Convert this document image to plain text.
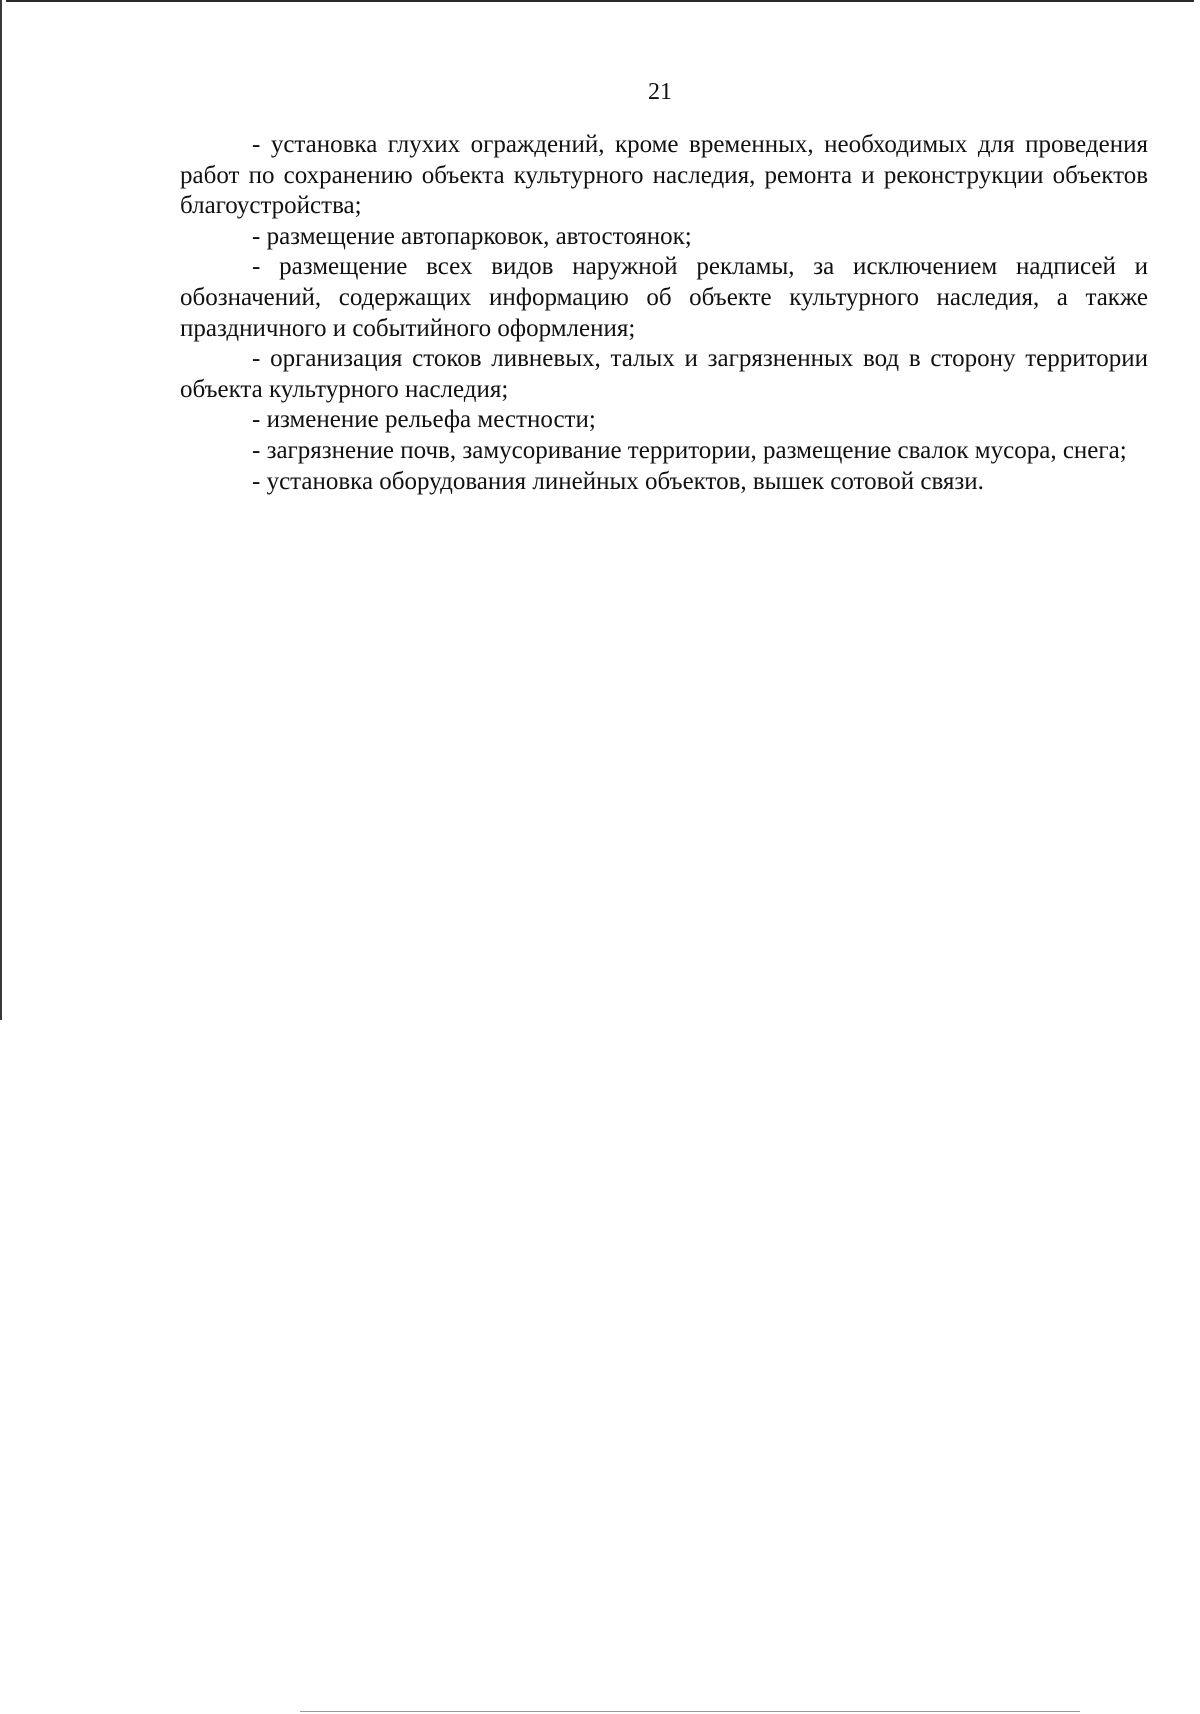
21

- установка глухих ограждений, кроме временных, необходимых для проведения работ по сохранению объекта культурного наследия, ремонта и реконструкции объектов благоустройства;

- размещение автопарковок, автостоянок;

- размещение всех видов наружной рекламы, за исключением надписей и обозначений, содержащих информацию об объекте культурного наследия, а также праздничного и событийного оформления;

- организация стоков ливневых, талых и загрязненных вод в сторону территории объекта культурного наследия;

- изменение рельефа местности;

- загрязнение почв, замусоривание территории, размещение свалок мусора, снега;

- установка оборудования линейных объектов, вышек сотовой связи.
